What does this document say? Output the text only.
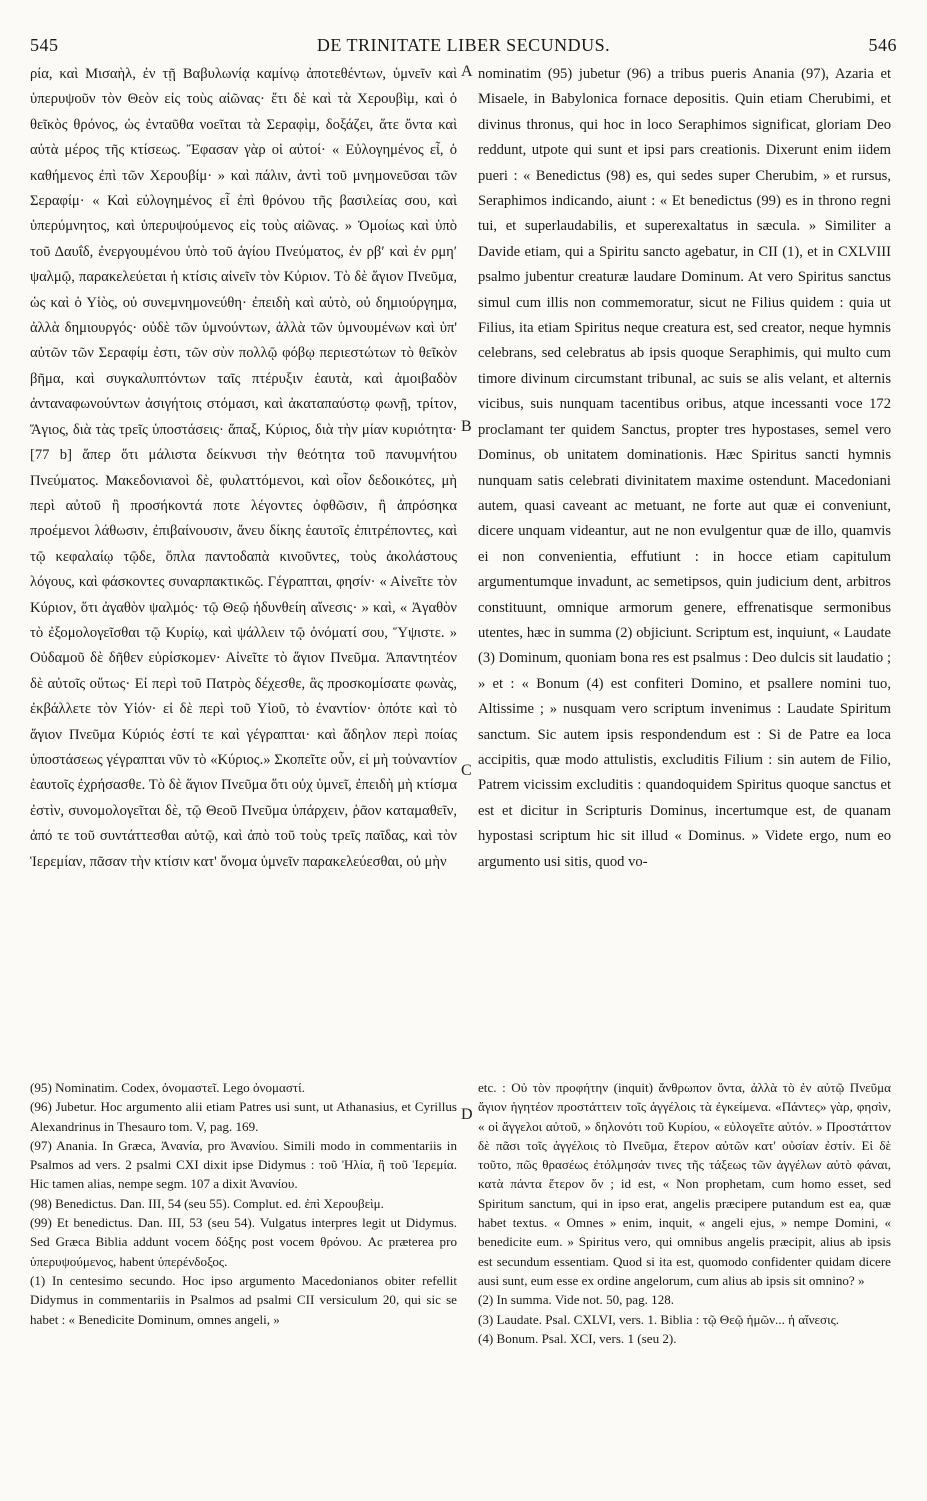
545	DE TRINITATE LIBER SECUNDUS.	546

ρία, καὶ Μισαὴλ, ἐν τῇ Βαβυλωνίᾳ καμίνῳ ἀποτεθέντων, ὑμνεῖν καὶ ὑπερυψοῦν τὸν Θεὸν εἰς τοὺς αἰῶνας· ἔτι δὲ καὶ τὰ Χερουβὶμ, καὶ ὁ θεῖκὸς θρόνος, ὡς ἐνταῦθα νοεῖται τὰ Σεραφὶμ, δοξάζει, ἅτε ὄντα καὶ αὐτὰ μέρος τῆς κτίσεως. Ἔφασαν γὰρ οἱ αὐτοί· « Εὐλογημένος εἶ, ὁ καθήμενος ἐπὶ τῶν Χερουβίμ· » καὶ πάλιν, ἀντὶ τοῦ μνημονεῦσαι τῶν Σεραφίμ· « Καὶ εὐλογημένος εἶ ἐπὶ θρόνου τῆς βασιλείας σου, καὶ ὑπερύμνητος, καὶ ὑπερυψούμενος εἰς τοὺς αἰῶνας. » Ὁμοίως καὶ ὑπὸ τοῦ Δαυΐδ, ἐνεργουμένου ὑπὸ τοῦ ἁγίου Πνεύματος, ἐν ρβʹ καὶ ἐν ρμηʹ ψαλμῷ, παρακελεύεται ἡ κτίσις αἰνεῖν τὸν Κύριον. Τὸ δὲ ἅγιον Πνεῦμα, ὡς καὶ ὁ Υἱὸς, οὐ συνεμνημονεύθη· ἐπειδὴ καὶ αὐτὸ, οὐ δημιούργημα, ἀλλὰ δημιουργός· οὐδὲ τῶν ὑμνούντων, ἀλλὰ τῶν ὑμνουμένων καὶ ὑπ' αὐτῶν τῶν Σεραφίμ ἐστι, τῶν σὺν πολλῷ φόβῳ περιεστώτων τὸ θεῖκὸν βῆμα, καὶ συγκαλυπτόντων ταῖς πτέρυξιν ἑαυτὰ, καὶ ἀμοιβαδὸν ἀνταναφωνούντων ἀσιγήτοις στόμασι, καὶ ἀκαταπαύστῳ φωνῇ, τρίτον, Ἅγιος, διὰ τὰς τρεῖς ὑποστάσεις· ἅπαξ, Κύριος, διὰ τὴν μίαν κυριότητα· [77 b] ἅπερ ὅτι μάλιστα δείκνυσι τὴν θεότητα τοῦ πανυμνήτου Πνεύματος. Μακεδονιανοὶ δὲ, φυλαττόμενοι, καὶ οἷον δεδοικότες, μὴ περὶ αὐτοῦ ἢ προσήκοντά ποτε λέγοντες ὀφθῶσιν, ἢ ἀπρόσηκα προέμενοι λάθωσιν, ἐπιβαίνουσιν, ἄνευ δίκης ἑαυτοῖς ἐπιτρέποντες, καὶ τῷ κεφαλαίῳ τῷδε, ὅπλα παντοδαπὰ κινοῦντες, τοὺς ἀκολάστους λόγους, καὶ φάσκοντες συναρπακτικῶς. Γέγραπται, φησίν· « Αἰνεῖτε τὸν Κύριον, ὅτι ἀγαθὸν ψαλμός· τῷ Θεῷ ἡδυνθείη αἴνεσις· » καὶ, « Ἀγαθὸν τὸ ἐξομολογεῖσθαι τῷ Κυρίῳ, καὶ ψάλλειν τῷ ὀνόματί σου, Ὕψιστε. » Οὐδαμοῦ δὲ δῆθεν εὑρίσκομεν· Αἰνεῖτε τὸ ἅγιον Πνεῦμα. Ἀπαντητέον δὲ αὐτοῖς οὕτως· Εἰ περὶ τοῦ Πατρὸς δέχεσθε, ἃς προσκομίσατε φωνὰς, ἐκβάλλετε τὸν Υἱόν· εἰ δὲ περὶ τοῦ Υἱοῦ, τὸ ἐναντίον· ὁπότε καὶ τὸ ἅγιον Πνεῦμα Κύριός ἐστί τε καὶ γέγραπται· καὶ ἄδηλον περὶ ποίας ὑποστάσεως γέγραπται νῦν τὸ «Κύριος.» Σκοπεῖτε οὖν, εἰ μὴ τοὐναντίον ἑαυτοῖς ἐχρήσασθε. Τὸ δὲ ἅγιον Πνεῦμα ὅτι οὐχ ὑμνεῖ, ἐπειδὴ μὴ κτίσμα ἐστὶν, συνομολογεῖται δὲ, τῷ Θεοῦ Πνεῦμα ὑπάρχειν, ῥᾶον καταμαθεῖν, ἀπό τε τοῦ συντάττεσθαι αὐτῷ, καὶ ἀπὸ τοῦ τοὺς τρεῖς παῖδας, καὶ τὸν Ἱερεμίαν, πᾶσαν τὴν κτίσιν κατ' ὄνομα ὑμνεῖν παρακελεύεσθαι, οὐ μὴν

nominatim (95) jubetur (96) a tribus pueris Anania (97), Azaria et Misaele, in Babylonica fornace depositis. Quin etiam Cherubimi, et divinus thronus, qui hoc in loco Seraphimos significat, gloriam Deo reddunt, utpote qui sunt et ipsi pars creationis. Dixerunt enim iidem pueri : « Benedictus (98) es, qui sedes super Cherubim, » et rursus, Seraphimos indicando, aiunt : « Et benedictus (99) es in throno regni tui, et superlaudabilis, et superexaltatus in sæcula. » Similiter a Davide etiam, qui a Spiritu sancto agebatur, in CII (1), et in CXLVIII psalmo jubentur creaturæ laudare Dominum. At vero Spiritus sanctus simul cum illis non commemoratur, sicut ne Filius quidem : quia ut Filius, ita etiam Spiritus neque creatura est, sed creator, neque hymnis celebrans, sed celebratus ab ipsis quoque Seraphimis, qui multo cum timore divinum circumstant tribunal, ac suis se alis velant, et alternis vicibus, suis nunquam tacentibus oribus, atque incessanti voce 172 proclamant ter quidem Sanctus, propter tres hypostases, semel vero Dominus, ob unitatem dominationis. Hæc Spiritus sancti hymnis nunquam satis celebrati divinitatem maxime ostendunt. Macedoniani autem, quasi caveant ac metuant, ne forte aut quæ ei conveniunt, dicere unquam videantur, aut ne non evulgentur quæ de illo, quamvis ei non convenientia, effutiunt : in hocce etiam capitulum argumentumque invadunt, ac semetipsos, quin judicium dent, arbitros constituunt, omnique armorum genere, effrenatisque sermonibus utentes, hæc in summa (2) objiciunt. Scriptum est, inquiunt, « Laudate (3) Dominum, quoniam bona res est psalmus : Deo dulcis sit laudatio ; » et : « Bonum (4) est confiteri Domino, et psallere nomini tuo, Altissime ; » nusquam vero scriptum invenimus : Laudate Spiritum sanctum. Sic autem ipsis respondendum est : Si de Patre ea loca accipitis, quæ modo attulistis, excluditis Filium : sin autem de Filio, Patrem vicissim excluditis : quandoquidem Spiritus quoque sanctus et est et dicitur in Scripturis Dominus, incertumque est, de quanam hypostasi scriptum hic sit illud « Dominus. » Videte ergo, num eo argumento usi sitis, quod vo-

A
B
C
D

(95) Nominatim. Codex, ὀνομαστεῖ. Lego ὀνομαστί.

(96) Jubetur. Hoc argumento alii etiam Patres usi sunt, ut Athanasius, et Cyrillus Alexandrinus in Thesauro tom. V, pag. 169.

(97) Anania. In Græca, Ἀνανία, pro Ἀνανίου. Simili modo in commentariis in Psalmos ad vers. 2 psalmi CXI dixit ipse Didymus : τοῦ Ἠλία, ἢ τοῦ Ἱερεμία. Hic tamen alias, nempe segm. 107 a dixit Ἀνανίου.

(98) Benedictus. Dan. III, 54 (seu 55). Complut. ed. ἐπὶ Χερουβεὶμ.

(99) Et benedictus. Dan. III, 53 (seu 54). Vulgatus interpres legit ut Didymus. Sed Græca Biblia addunt vocem δόξης post vocem θρόνου. Ac præterea pro ὑπερυψούμενος, habent ὑπερένδοξος.

(1) In centesimo secundo. Hoc ipso argumento Macedonianos obiter refellit Didymus in commentariis in Psalmos ad psalmi CII versiculum 20, qui sic se habet : « Benedicite Dominum, omnes angeli, »

etc. : Οὐ τὸν προφήτην (inquit) ἄνθρωπον ὄντα, ἀλλὰ τὸ ἐν αὐτῷ Πνεῦμα ἅγιον ἡγητέον προστάττειν τοῖς ἀγγέλοις τὰ ἐγκείμενα. «Πάντες» γὰρ, φησὶν, « οἱ ἄγγελοι αὐτοῦ, » δηλονότι τοῦ Κυρίου, « εὐλογεῖτε αὐτόν. » Προστάττον δὲ πᾶσι τοῖς ἀγγέλοις τὸ Πνεῦμα, ἕτερον αὐτῶν κατ' οὐσίαν ἐστίν. Εἰ δὲ τοῦτο, πῶς θρασέως ἐτόλμησάν τινες τῆς τάξεως τῶν ἀγγέλων αὐτὸ φάναι, κατὰ πάντα ἕτερον ὄν ; id est, « Non prophetam, cum homo esset, sed Spiritum sanctum, qui in ipso erat, angelis præcipere putandum est ea, quæ habet textus. « Omnes » enim, inquit, « angeli ejus, » nempe Domini, « benedicite eum. » Spiritus vero, qui omnibus angelis præcipit, alius ab ipsis est secundum essentiam. Quod si ita est, quomodo confidenter quidam dicere ausi sunt, eum esse ex ordine angelorum, cum alius ab ipsis sit omnino? »

(2) In summa. Vide not. 50, pag. 128.

(3) Laudate. Psal. CXLVI, vers. 1. Biblia : τῷ Θεῷ ἡμῶν... ἡ αἴνεσις.

(4) Bonum. Psal. XCI, vers. 1 (seu 2).
